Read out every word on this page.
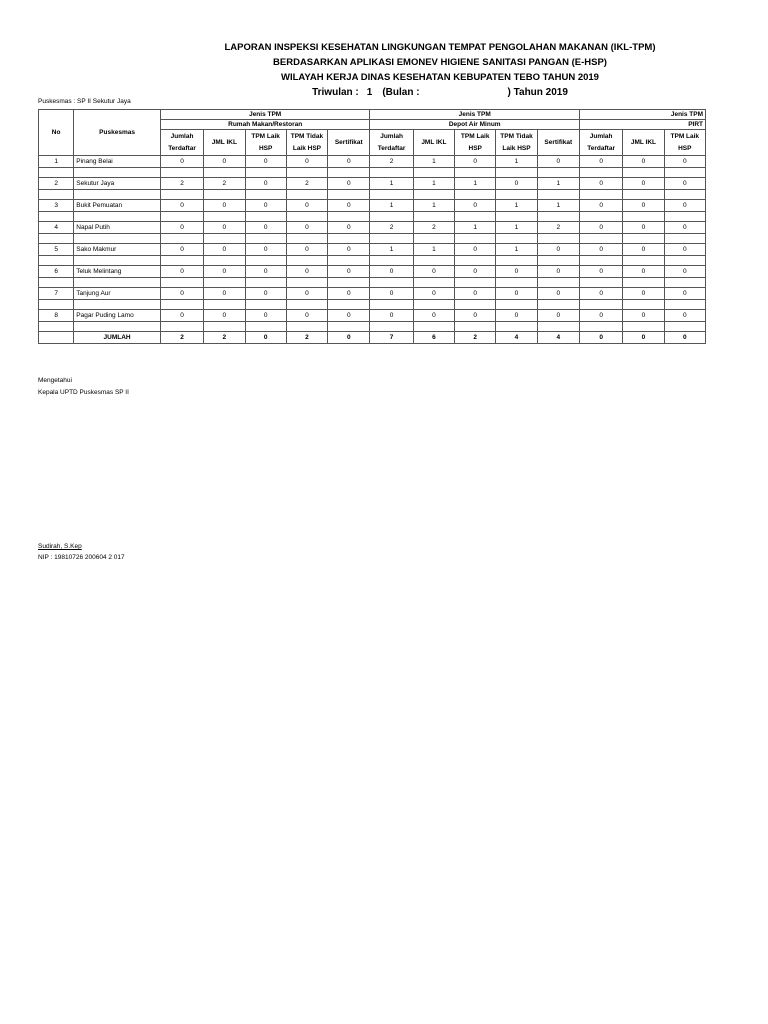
LAPORAN INSPEKSI KESEHATAN LINGKUNGAN TEMPAT PENGOLAHAN MAKANAN (IKL-TPM)
BERDASARKAN APLIKASI EMONEV HIGIENE SANITASI PANGAN (E-HSP)
WILAYAH KERJA DINAS KESEHATAN KEBUPATEN TEBO TAHUN 2019
Triwulan : 1 (Bulan :	) Tahun 2019
Puskesmas : SP II Sekutur Jaya
No	Puskesmas	Jenis TPM					Jenis TPM					Jenis TPM		
		Rumah Makan/Restoran					Depot Air Minum					PIRT		
		Jumlah Terdaftar	JML IKL	TPM Laik HSP	TPM Tidak Laik HSP	Sertifikat	Jumlah Terdaftar	JML IKL	TPM Laik HSP	TPM Tidak Laik HSP	Sertifikat	Jumlah Terdaftar	JML IKL	TPM Laik HSP
1	Pinang Belai	0	0	0	0	0	2	1	0	1	0	0	0	0

2	Sekutur Jaya	2	2	0	2	0	1	1	1	0	1	0	0	0

3	Bukit Pemuatan	0	0	0	0	0	1	1	0	1	1	0	0	0

4	Napal Putih	0	0	0	0	0	2	2	1	1	2	0	0	0

5	Sako Makmur	0	0	0	0	0	1	1	0	1	0	0	0	0

6	Teluk Melintang	0	0	0	0	0	0	0	0	0	0	0	0	0

7	Tanjung Aur	0	0	0	0	0	0	0	0	0	0	0	0	0

8	Pagar Puding Lamo	0	0	0	0	0	0	0	0	0	0	0	0	0

	JUMLAH	2	2	0	2	0	7	6	2	4	4	0	0	0
Mengetahui
Kepala UPTD Puskesmas SP II
Sudirah, S.Kep
NIP : 19810726 200604 2 017
